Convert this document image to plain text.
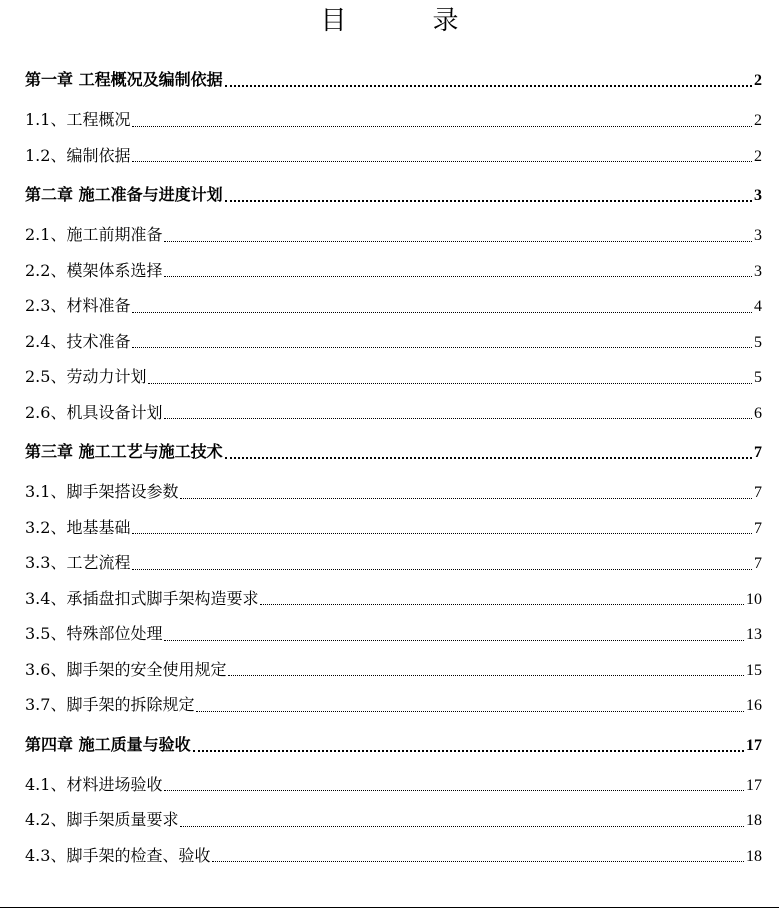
目　录
第一章 工程概况及编制依据	2
1.1、工程概况	2
1.2、编制依据	2
第二章 施工准备与进度计划	3
2.1、施工前期准备	3
2.2、模架体系选择	3
2.3、材料准备	4
2.4、技术准备	5
2.5、劳动力计划	5
2.6、机具设备计划	6
第三章 施工工艺与施工技术	7
3.1、脚手架搭设参数	7
3.2、地基基础	7
3.3、工艺流程	7
3.4、承插盘扣式脚手架构造要求	10
3.5、特殊部位处理	13
3.6、脚手架的安全使用规定	15
3.7、脚手架的拆除规定	16
第四章 施工质量与验收	17
4.1、材料进场验收	17
4.2、脚手架质量要求	18
4.3、脚手架的检查、验收	18
